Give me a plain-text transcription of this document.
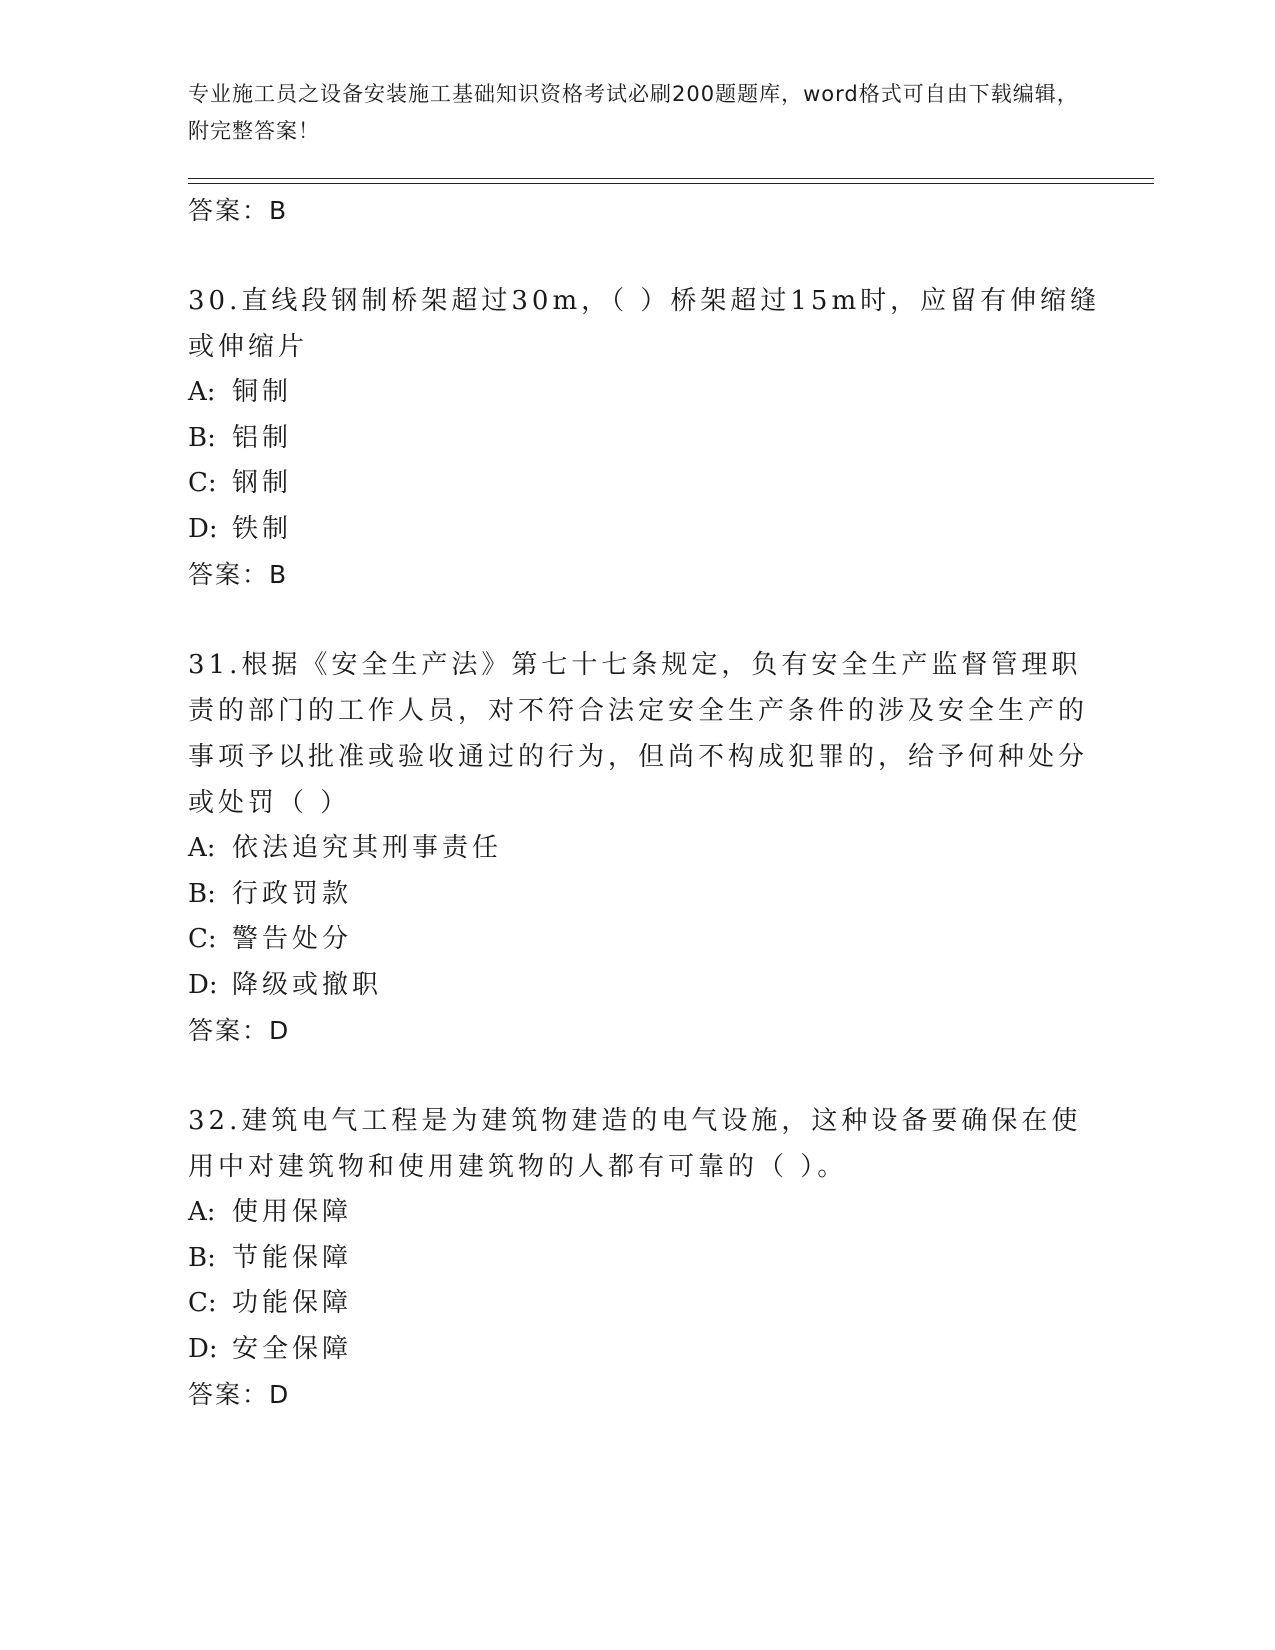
专业施工员之设备安装施工基础知识资格考试必刷200题题库，word格式可自由下载编辑，附完整答案！

答案：B

30.直线段钢制桥架超过30m，（ ）桥架超过15m时，应留有伸缩缝或伸缩片

A: 铜制

B: 铝制

C: 钢制

D: 铁制

答案：B

31.根据《安全生产法》第七十七条规定，负有安全生产监督管理职责的部门的工作人员，对不符合法定安全生产条件的涉及安全生产的事项予以批准或验收通过的行为，但尚不构成犯罪的，给予何种处分或处罚（ ）

A: 依法追究其刑事责任

B: 行政罚款

C: 警告处分

D: 降级或撤职

答案：D

32.建筑电气工程是为建筑物建造的电气设施，这种设备要确保在使用中对建筑物和使用建筑物的人都有可靠的（ ）。

A: 使用保障

B: 节能保障

C: 功能保障

D: 安全保障

答案：D
